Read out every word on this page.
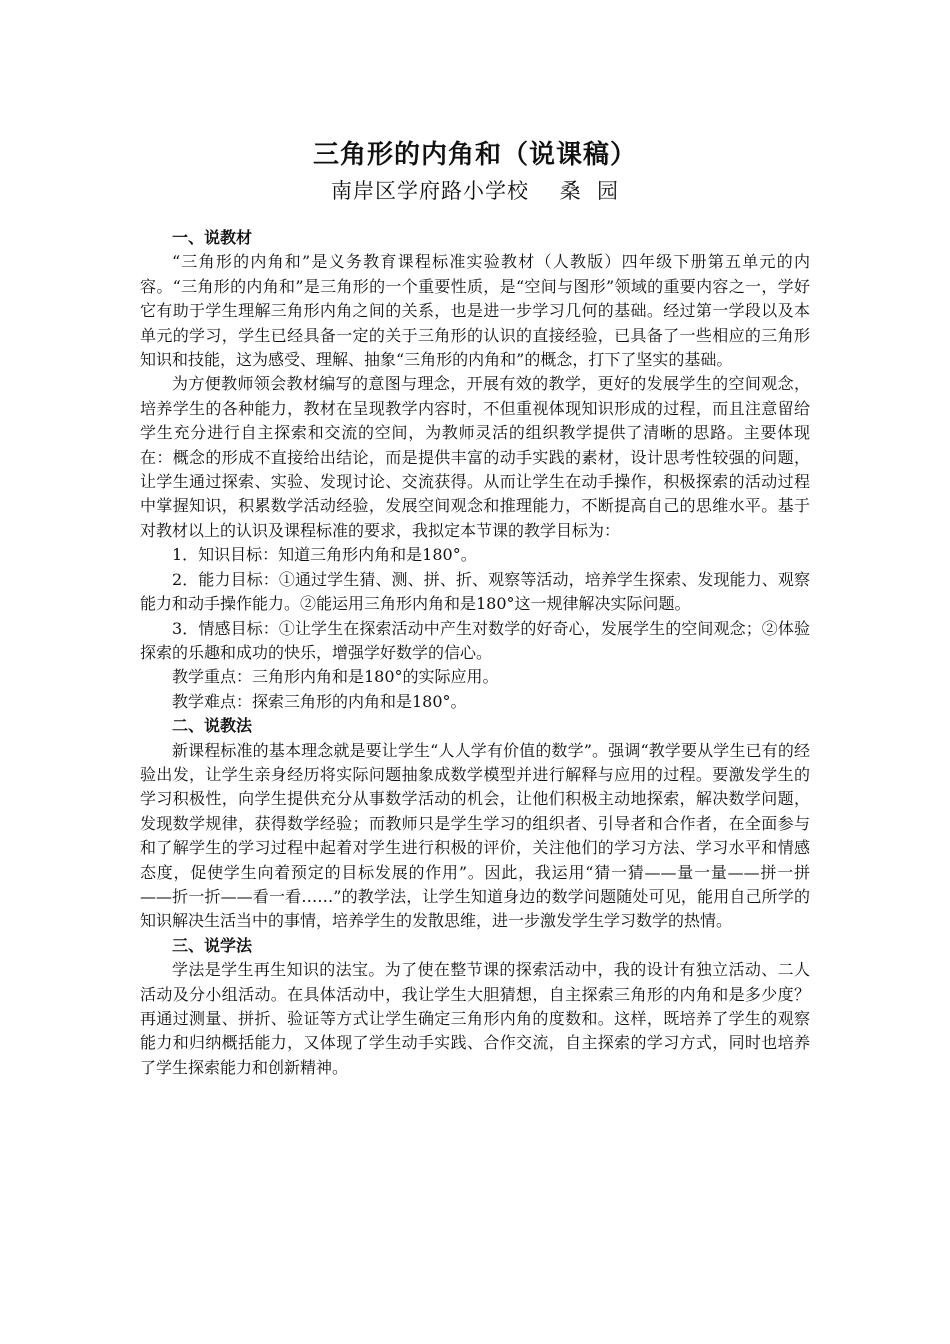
三角形的内角和（说课稿）
南岸区学府路小学校    桑  园

一、说教材

“三角形的内角和”是义务教育课程标准实验教材（人教版）四年级下册第五单元的内容。“三角形的内角和”是三角形的一个重要性质，是“空间与图形”领域的重要内容之一，学好它有助于学生理解三角形内角之间的关系，也是进一步学习几何的基础。经过第一学段以及本单元的学习，学生已经具备一定的关于三角形的认识的直接经验，已具备了一些相应的三角形知识和技能，这为感受、理解、抽象“三角形的内角和”的概念，打下了坚实的基础。

为方便教师领会教材编写的意图与理念，开展有效的教学，更好的发展学生的空间观念，培养学生的各种能力，教材在呈现教学内容时，不但重视体现知识形成的过程，而且注意留给学生充分进行自主探索和交流的空间，为教师灵活的组织教学提供了清晰的思路。主要体现在：概念的形成不直接给出结论，而是提供丰富的动手实践的素材，设计思考性较强的问题，让学生通过探索、实验、发现讨论、交流获得。从而让学生在动手操作，积极探索的活动过程中掌握知识，积累数学活动经验，发展空间观念和推理能力，不断提高自己的思维水平。基于对教材以上的认识及课程标准的要求，我拟定本节课的教学目标为：

1．知识目标：知道三角形内角和是180°。

2．能力目标：①通过学生猜、测、拼、折、观察等活动，培养学生探索、发现能力、观察能力和动手操作能力。②能运用三角形内角和是180°这一规律解决实际问题。

3．情感目标：①让学生在探索活动中产生对数学的好奇心，发展学生的空间观念；②体验探索的乐趣和成功的快乐，增强学好数学的信心。

教学重点：三角形内角和是180°的实际应用。

教学难点：探索三角形的内角和是180°。

二、说教法

新课程标准的基本理念就是要让学生“人人学有价值的数学”。强调“教学要从学生已有的经验出发，让学生亲身经历将实际问题抽象成数学模型并进行解释与应用的过程。要激发学生的学习积极性，向学生提供充分从事数学活动的机会，让他们积极主动地探索，解决数学问题，发现数学规律，获得数学经验；而教师只是学生学习的组织者、引导者和合作者，在全面参与和了解学生的学习过程中起着对学生进行积极的评价，关注他们的学习方法、学习水平和情感态度，促使学生向着预定的目标发展的作用”。因此，我运用“猜一猜——量一量——拼一拼——折一折——看一看……”的教学法，让学生知道身边的数学问题随处可见，能用自己所学的知识解决生活当中的事情，培养学生的发散思维，进一步激发学生学习数学的热情。

三、说学法

学法是学生再生知识的法宝。为了使在整节课的探索活动中，我的设计有独立活动、二人活动及分小组活动。在具体活动中，我让学生大胆猜想，自主探索三角形的内角和是多少度？再通过测量、拼折、验证等方式让学生确定三角形内角的度数和。这样，既培养了学生的观察能力和归纳概括能力，又体现了学生动手实践、合作交流，自主探索的学习方式，同时也培养了学生探索能力和创新精神。
